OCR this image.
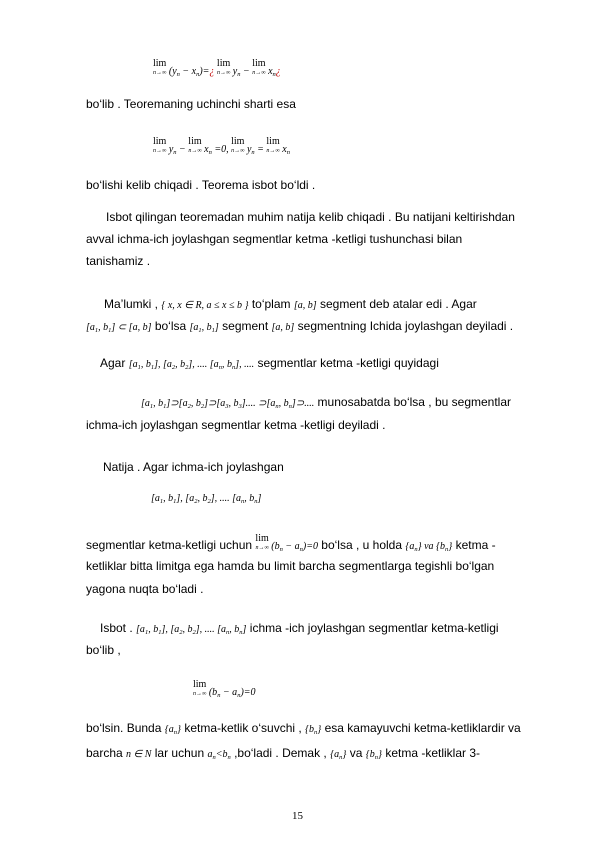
lim
n→∞ ($y_n$ − $x_n)=¿$ lim
n→∞ $y_n - \lim$
n→∞ $x_n¿$
bo‘lib . Teoremaning uchinchi sharti esa
lim
n→∞ $y_n - \lim$
n→∞ $x_n =0$, lim
n→∞ $y_n = \lim$
n→∞ $x_n$
bo‘lishi kelib chiqadi . Teorema isbot bo‘ldi .
Isbot qilingan teoremadan muhim natija kelib chiqadi . Bu natijani keltirishdan
avval ichma-ich joylashgan segmentlar ketma -ketligi tushunchasi bilan
tanishamiz .
Ma’lumki , { x, x ∈ R, a ≤ x ≤ b } to‘plam [a, b] segment deb atalar edi . Agar
[$a_1$, $b_1$] ⊂ [a, b] bo‘lsa [$a_1$, $b_1$] segment [a, b] segmentning Ichida joylashgan deyiladi .
Agar [$a_1$, $b_1$], [$a_2$, $b_2$], .... [$a_n$, $b_n$], .... segmentlar ketma -ketligi quyidagi
[$a_1$, $b_1]⊃[a_2$, $b_2]⊃[a_3$, $b_3$].... $⊃[a_n$, $b_n]⊃$.... munosabatda bo‘lsa , bu segmentlar
ichma-ich joylashgan segmentlar ketma -ketligi deyiladi .
Natija . Agar ichma-ich joylashgan
[$a_1$, $b_1$], [$a_2$, $b_2$], .... [$a_n$, $b_n$]
segmentlar ketma-ketligi uchun lim
n→∞ $(b_n - a_n)=0$ bo‘lsa , u holda $\{a_n\}$ va $\{b_n\}$ ketma -
ketliklar bitta limitga ega hamda bu limit barcha segmentlarga tegishli bo‘lgan
yagona nuqta bo‘ladi .
Isbot . [$a_1$, $b_1$], [$a_2$, $b_2$], .... [$a_n$, $b_n$] ichma -ich joylashgan segmentlar ketma-ketligi
bo‘lib ,
lim
n→∞ $(b_n - a_n)=0$
bo‘lsin. Bunda $\{a_n\}$ ketma-ketlik o‘suvchi , $\{b_n\}$ esa kamayuvchi ketma-ketliklardir va
barcha n ∈ N lar uchun $a_n<b_n$ ,bo‘ladi . Demak , $\{a_n\}$ va $\{b_n\}$ ketma -ketliklar 3-
15
